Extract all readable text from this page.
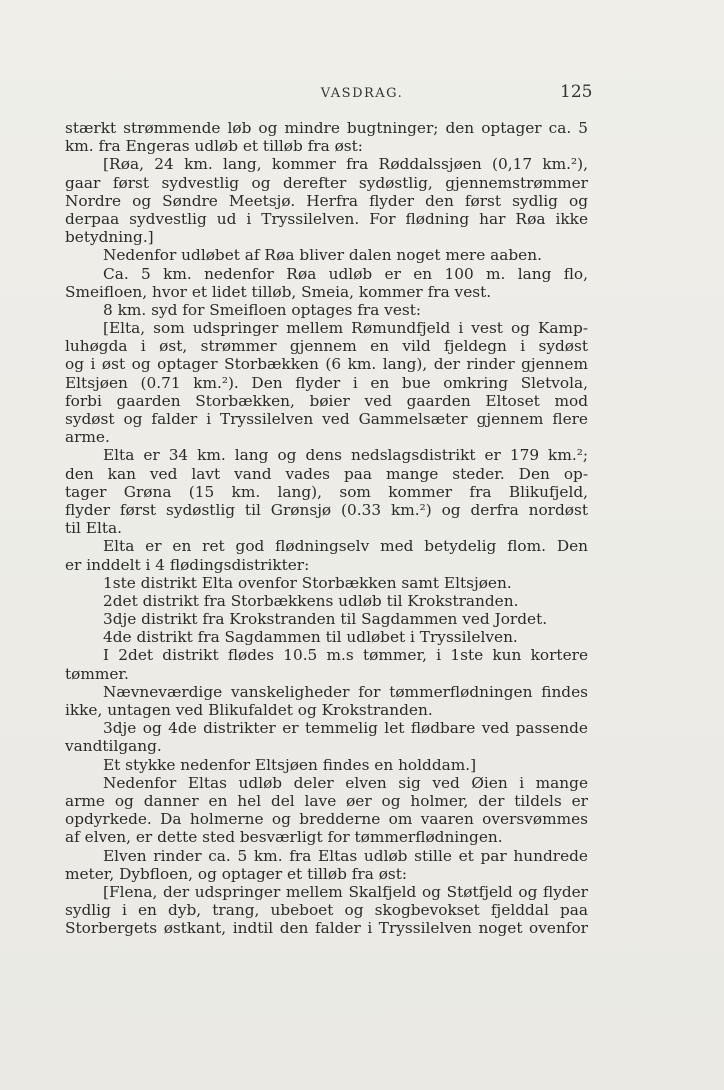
VASDRAG.	125
stærkt strømmende løb og mindre bugtninger; den optager ca. 5
km. fra Engeras udløb et tilløb fra øst:
[Røa, 24 km. lang, kommer fra Røddalssjøen (0,17 km.²),
gaar først sydvestlig og derefter sydøstlig, gjennemstrømmer
Nordre og Søndre Meetsjø. Herfra flyder den først sydlig og
derpaa sydvestlig ud i Tryssilelven. For flødning har Røa ikke
betydning.]
Nedenfor udløbet af Røa bliver dalen noget mere aaben.
Ca. 5 km. nedenfor Røa udløb er en 100 m. lang flo,
Smeifloen, hvor et lidet tilløb, Smeia, kommer fra vest.
8 km. syd for Smeifloen optages fra vest:
[Elta, som udspringer mellem Rømundfjeld i vest og Kamp-
luhøgda i øst, strømmer gjennem en vild fjeldegn i sydøst
og i øst og optager Storbækken (6 km. lang), der rinder gjennem
Eltsjøen (0.71 km.²). Den flyder i en bue omkring Sletvola,
forbi gaarden Storbækken, bøier ved gaarden Eltoset mod
sydøst og falder i Tryssilelven ved Gammelsæter gjennem flere
arme.
Elta er 34 km. lang og dens nedslagsdistrikt er 179 km.²;
den kan ved lavt vand vades paa mange steder. Den op-
tager Grøna (15 km. lang), som kommer fra Blikufjeld,
flyder først sydøstlig til Grønsjø (0.33 km.²) og derfra nordøst
til Elta.
Elta er en ret god flødningselv med betydelig flom. Den
er inddelt i 4 flødingsdistrikter:
1ste distrikt Elta ovenfor Storbækken samt Eltsjøen.
2det distrikt fra Storbækkens udløb til Krokstranden.
3dje distrikt fra Krokstranden til Sagdammen ved Jordet.
4de distrikt fra Sagdammen til udløbet i Tryssilelven.
I 2det distrikt flødes 10.5 m.s tømmer, i 1ste kun kortere
tømmer.
Nævneværdige vanskeligheder for tømmerflødningen findes
ikke, untagen ved Blikufaldet og Krokstranden.
3dje og 4de distrikter er temmelig let flødbare ved passende
vandtilgang.
Et stykke nedenfor Eltsjøen findes en holddam.]
Nedenfor Eltas udløb deler elven sig ved Øien i mange
arme og danner en hel del lave øer og holmer, der tildels er
opdyrkede. Da holmerne og bredderne om vaaren oversvømmes
af elven, er dette sted besværligt for tømmerflødningen.
Elven rinder ca. 5 km. fra Eltas udløb stille et par hundrede
meter, Dybfloen, og optager et tilløb fra øst:
[Flena, der udspringer mellem Skalfjeld og Støtfjeld og flyder
sydlig i en dyb, trang, ubeboet og skogbevokset fjelddal paa
Storbergets østkant, indtil den falder i Tryssilelven noget ovenfor
